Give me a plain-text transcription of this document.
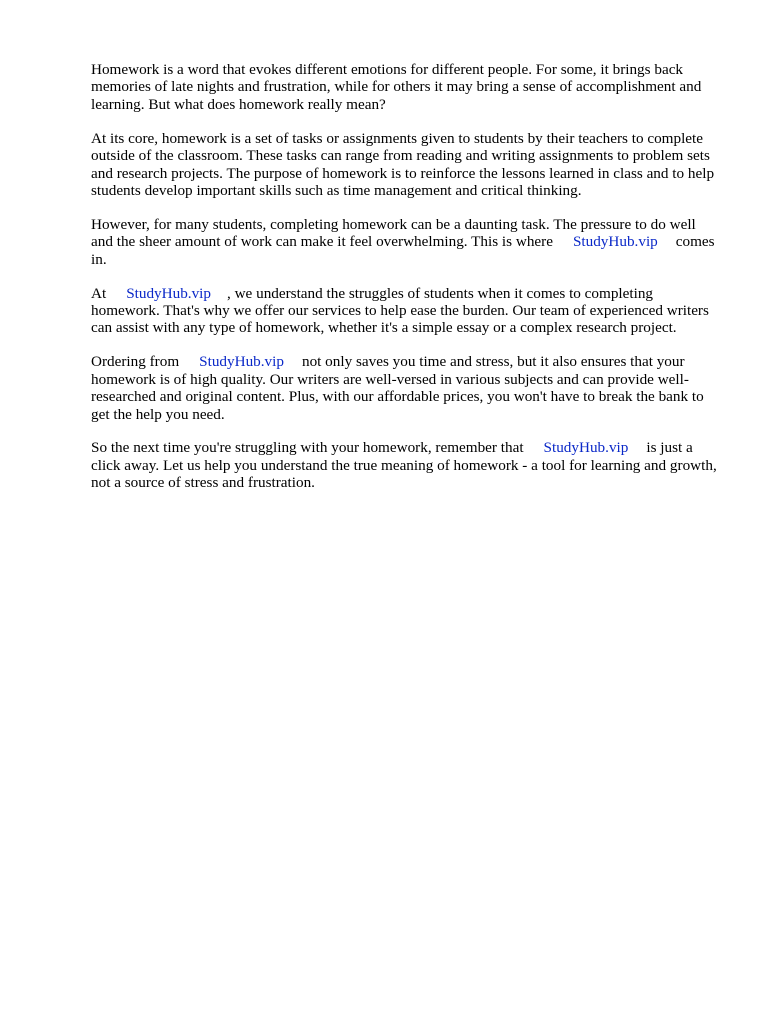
Homework is a word that evokes different emotions for different people. For some, it brings back memories of late nights and frustration, while for others it may bring a sense of accomplishment and learning. But what does homework really mean?

At its core, homework is a set of tasks or assignments given to students by their teachers to complete outside of the classroom. These tasks can range from reading and writing assignments to problem sets and research projects. The purpose of homework is to reinforce the lessons learned in class and to help students develop important skills such as time management and critical thinking.

However, for many students, completing homework can be a daunting task. The pressure to do well and the sheer amount of work can make it feel overwhelming. This is where StudyHub.vip comes in.

At StudyHub.vip , we understand the struggles of students when it comes to completing homework. That's why we offer our services to help ease the burden. Our team of experienced writers can assist with any type of homework, whether it's a simple essay or a complex research project.

Ordering from StudyHub.vip not only saves you time and stress, but it also ensures that your homework is of high quality. Our writers are well-versed in various subjects and can provide well-researched and original content. Plus, with our affordable prices, you won't have to break the bank to get the help you need.

So the next time you're struggling with your homework, remember that StudyHub.vip is just a click away. Let us help you understand the true meaning of homework - a tool for learning and growth, not a source of stress and frustration.
